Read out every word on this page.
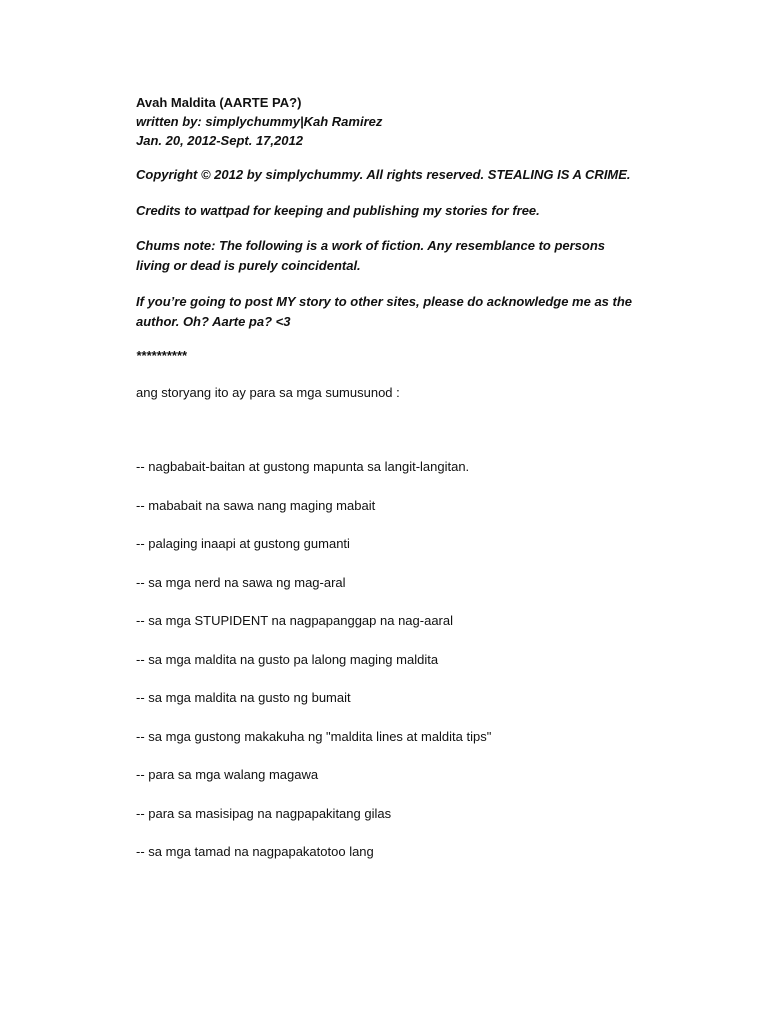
Avah Maldita (AARTE PA?)
written by: simplychummy|Kah Ramirez
Jan. 20, 2012-Sept. 17,2012
Copyright © 2012 by simplychummy. All rights reserved. STEALING IS A CRIME.
Credits to wattpad for keeping and publishing my stories for free.
Chums note: The following is a work of fiction. Any resemblance to persons living or dead is purely coincidental.
If you’re going to post MY story to other sites, please do acknowledge me as the author. Oh? Aarte pa? <3
**********
ang storyang ito ay para sa mga sumusunod :
-- nagbabait-baitan at gustong mapunta sa langit-langitan.
-- mababait na sawa nang maging mabait
-- palaging inaapi at gustong gumanti
-- sa mga nerd na sawa ng mag-aral
-- sa mga STUPIDENT na nagpapanggap na nag-aaral
-- sa mga maldita na gusto pa lalong maging maldita
-- sa mga maldita na gusto ng bumait
-- sa mga gustong makakuha ng "maldita lines at maldita tips"
-- para sa mga walang magawa
-- para sa masisipag na nagpapakitang gilas
-- sa mga tamad na nagpapakatotoo lang
